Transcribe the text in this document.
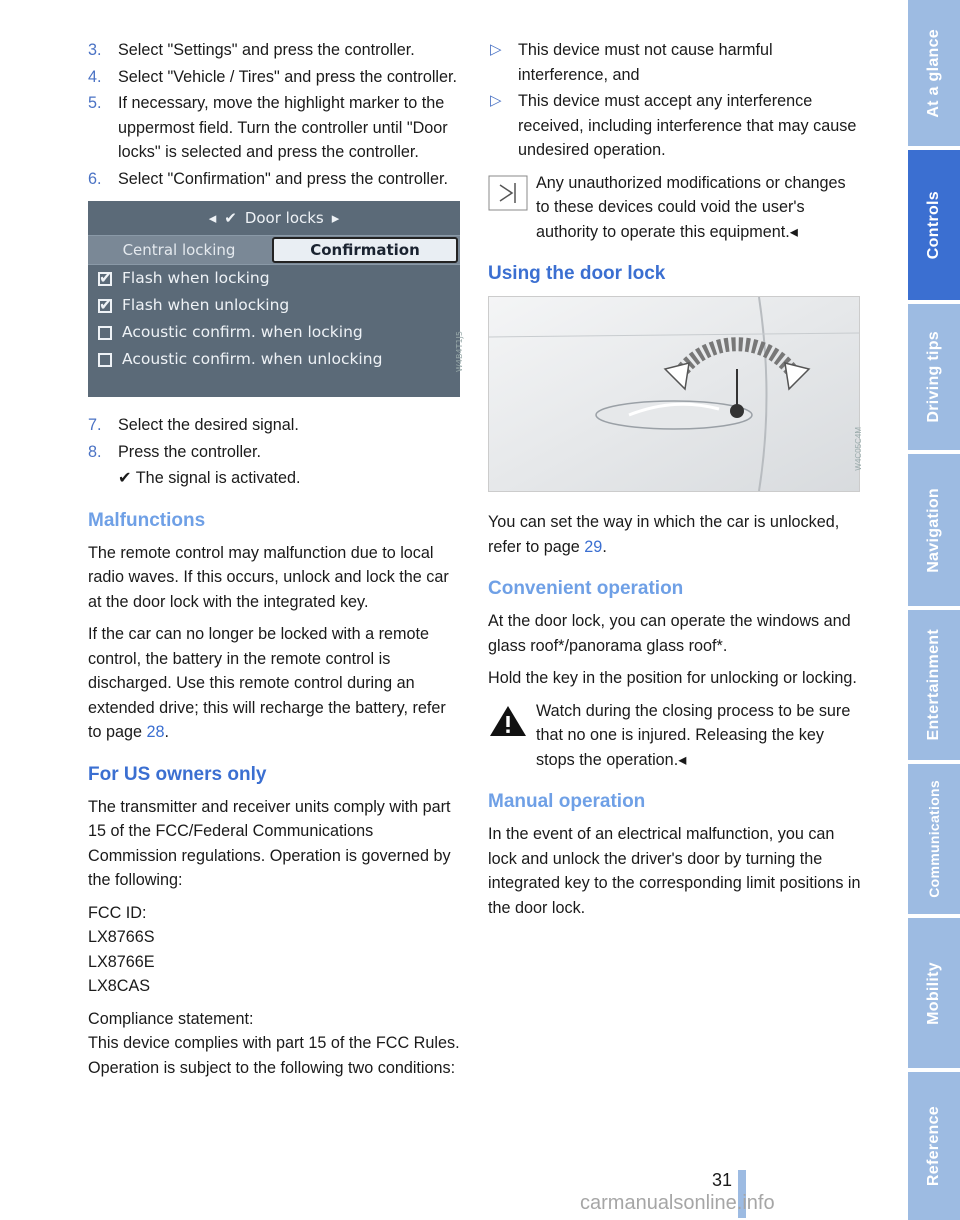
3. Select "Settings" and press the controller.
4. Select "Vehicle / Tires" and press the controller.
5. If necessary, move the highlight marker to the uppermost field. Turn the controller until "Door locks" is selected and press the controller.
6. Select "Confirmation" and press the controller.
◂ ✔ Door locks ▸
Central locking	Confirmation
✔
Flash when locking
✔
Flash when unlocking
Acoustic confirm. when locking
Acoustic confirm. when unlocking	W4B4T1J5
7. Select the desired signal.
8. Press the controller.
✔ The signal is activated.
Malfunctions

The remote control may malfunction due to local radio waves. If this occurs, unlock and lock the car at the door lock with the integrated key.

If the car can no longer be locked with a remote control, the battery in the remote control is discharged. Use this remote control during an extended drive; this will recharge the battery, refer to page 28.

For US owners only

The transmitter and receiver units comply with part 15 of the FCC/Federal Communications Commission regulations. Operation is governed by the following:

FCC ID:
LX8766S
LX8766E
LX8CAS

Compliance statement:
This device complies with part 15 of the FCC Rules. Operation is subject to the following two conditions:

▷ This device must not cause harmful interference, and
▷ This device must accept any interference received, including interference that may cause undesired operation.
Any unauthorized modifications or changes to these devices could void the user's authority to operate this equipment.◂
Using the door lock
W4C05C4M

You can set the way in which the car is unlocked, refer to page 29.

Convenient operation

At the door lock, you can operate the windows and glass roof*/panorama glass roof*.

Hold the key in the position for unlocking or locking.

Watch during the closing process to be sure that no one is injured. Releasing the key stops the operation.◂
Manual operation

In the event of an electrical malfunction, you can lock and unlock the driver's door by turning the integrated key to the corresponding limit positions in the door lock.

At a glance
Controls
Driving tips
Navigation
Entertainment
Communications
Mobility
Reference
31
carmanualsonline.info
